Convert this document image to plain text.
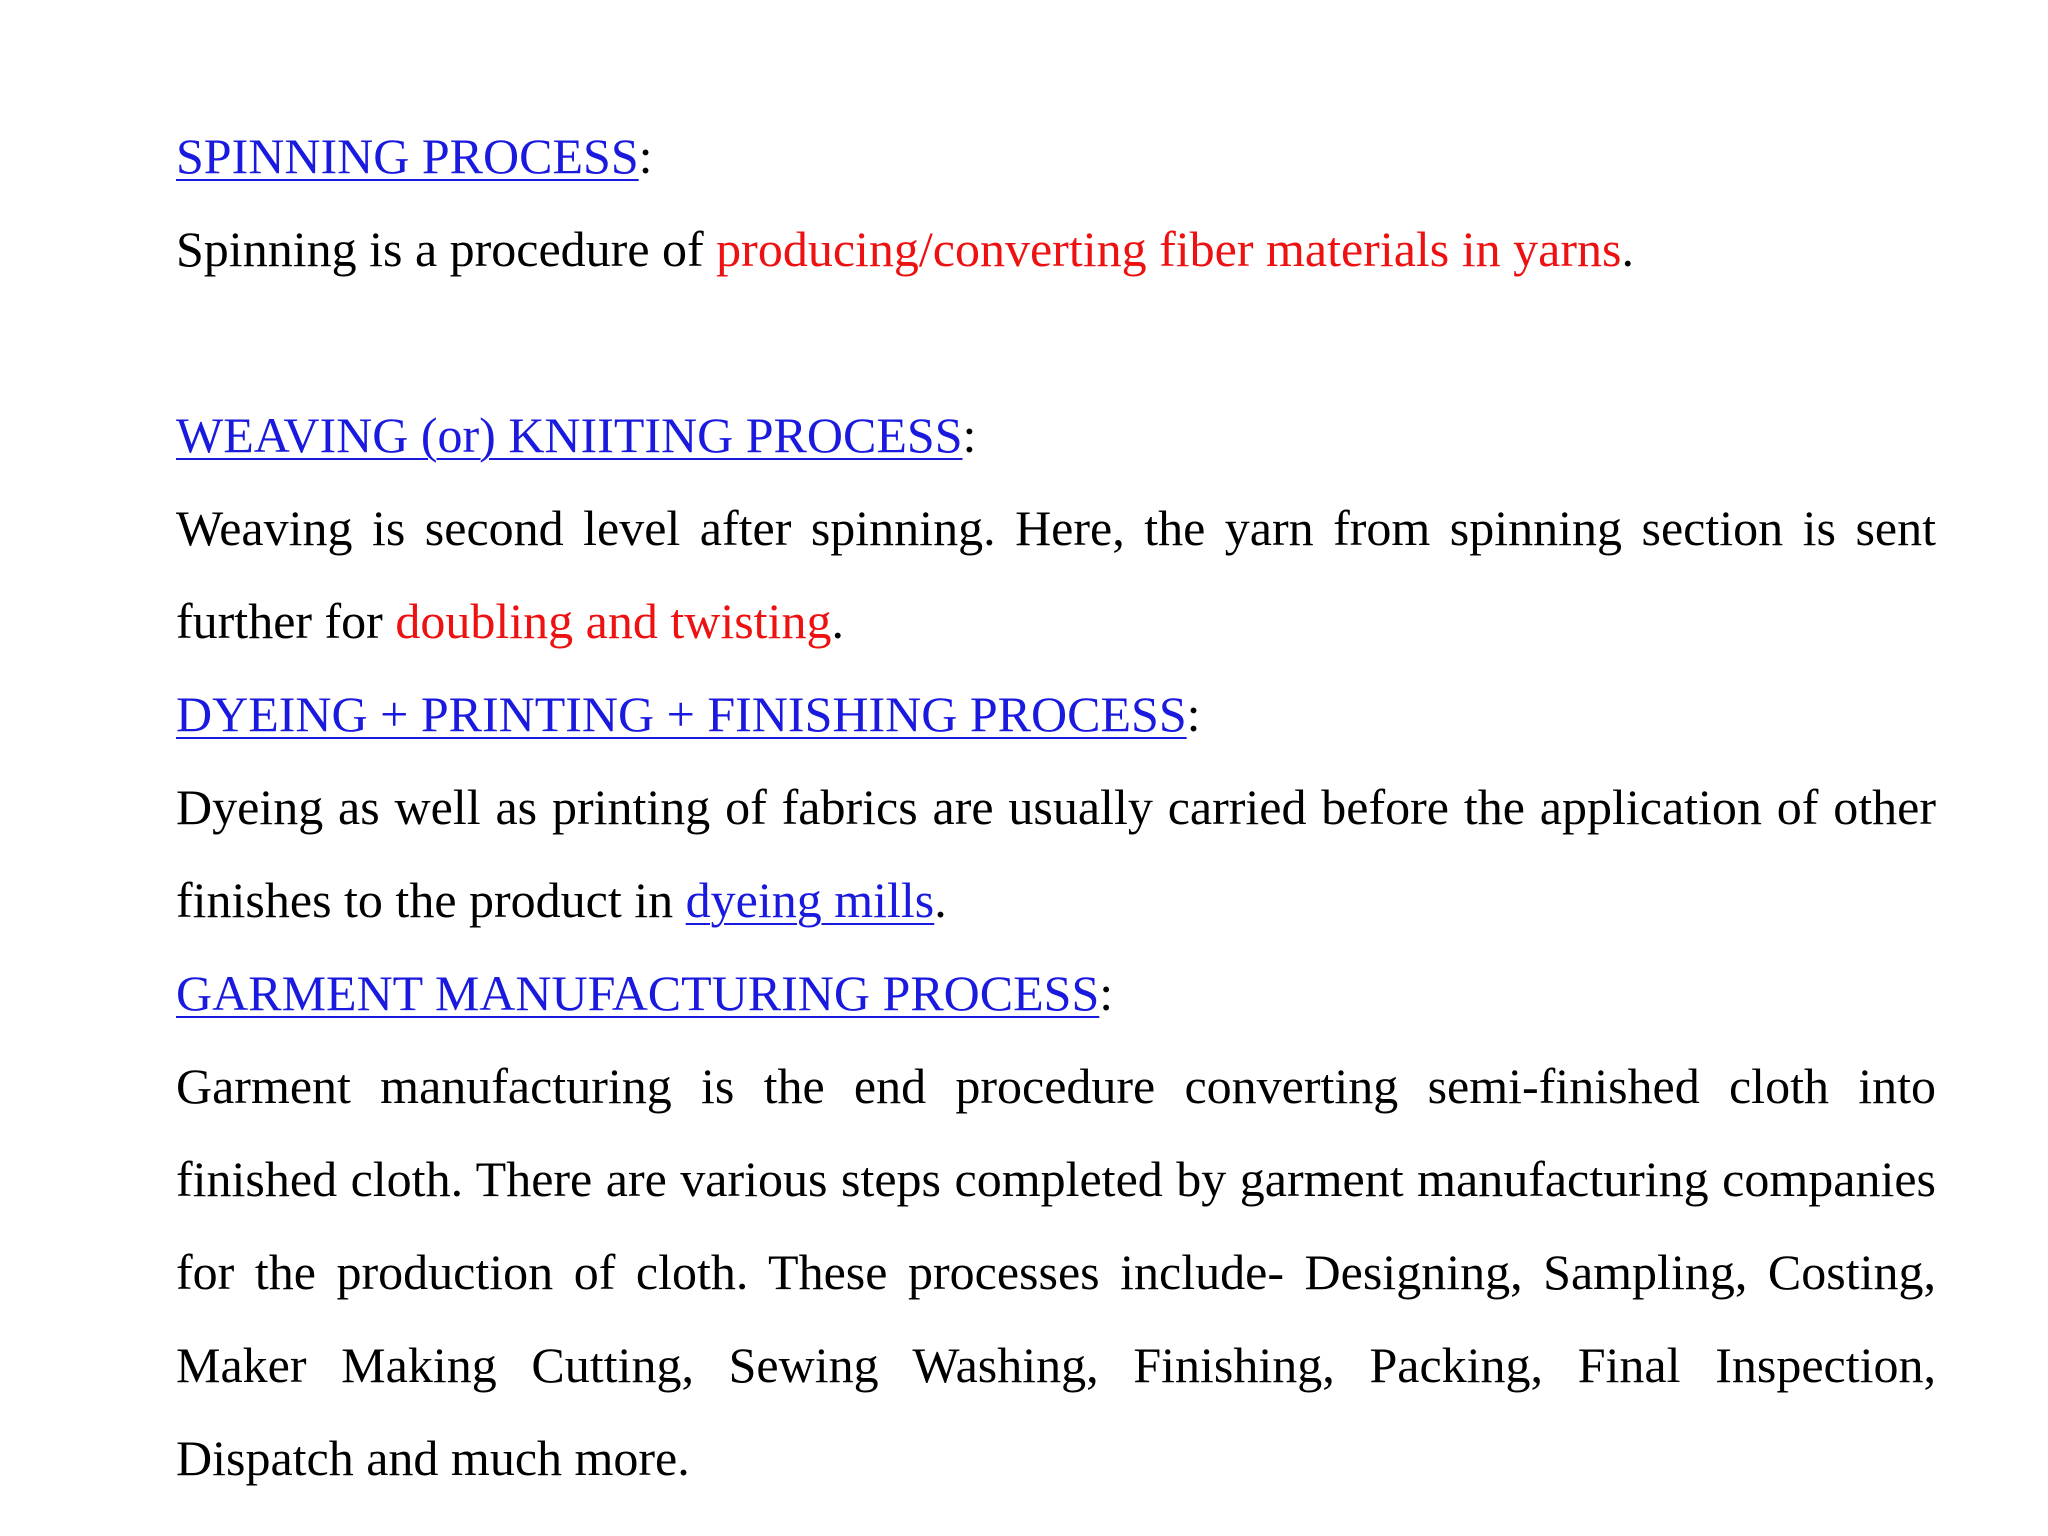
SPINNING PROCESS:

Spinning is a procedure of producing/converting fiber materials in yarns.

WEAVING (or) KNIITING PROCESS:

Weaving is second level after spinning. Here, the yarn from spinning section is sent further for doubling and twisting.

DYEING + PRINTING + FINISHING PROCESS:

Dyeing as well as printing of fabrics are usually carried before the application of other finishes to the product in dyeing mills.

GARMENT MANUFACTURING PROCESS:

Garment manufacturing is the end procedure converting semi-finished cloth into finished cloth. There are various steps completed by garment manufacturing companies for the production of cloth. These processes include- Designing, Sampling, Costing, Maker Making Cutting, Sewing Washing, Finishing, Packing, Final Inspection, Dispatch and much more.
